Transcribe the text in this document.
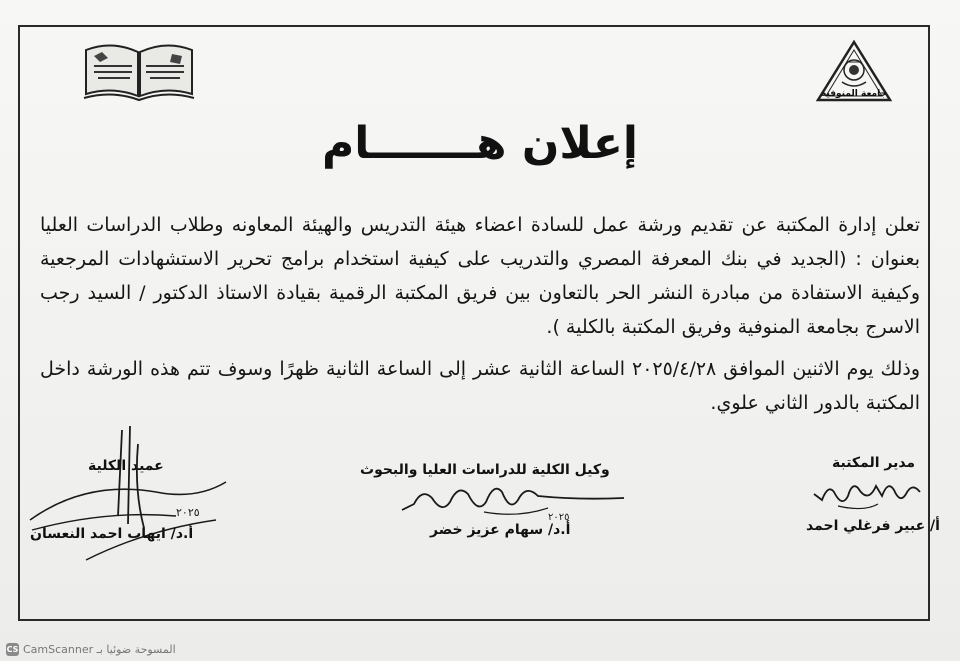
جامعة المنوفية
إعلان هـــــــام

تعلن إدارة المكتبة عن تقديم ورشة عمل للسادة اعضاء هيئة التدريس والهيئة المعاونه وطلاب الدراسات العليا بعنوان : (الجديد في بنك المعرفة المصري والتدريب على كيفية استخدام برامج تحرير الاستشهادات المرجعية وكيفية الاستفادة من مبادرة النشر الحر بالتعاون بين فريق المكتبة الرقمية بقيادة الاستاذ الدكتور / السيد رجب الاسرج بجامعة المنوفية وفريق المكتبة بالكلية ).

وذلك يوم الاثنين الموافق ٢٠٢٥/٤/٢٨ الساعة الثانية عشر إلى الساعة الثانية ظهرًا وسوف تتم هذه الورشة داخل المكتبة بالدور الثاني علوي.

مدير المكتبة
أ/ عبير فرغلي احمد
وكيل الكلية للدراسات العليا والبحوث
٢٠٢٥
أ.د/ سهام عزيز خضر
عميد الكلية
٢٠٢٥
أ.د/ ايهاب احمد النعسان
CS CamScanner المسوحة ضوئيا بـ
